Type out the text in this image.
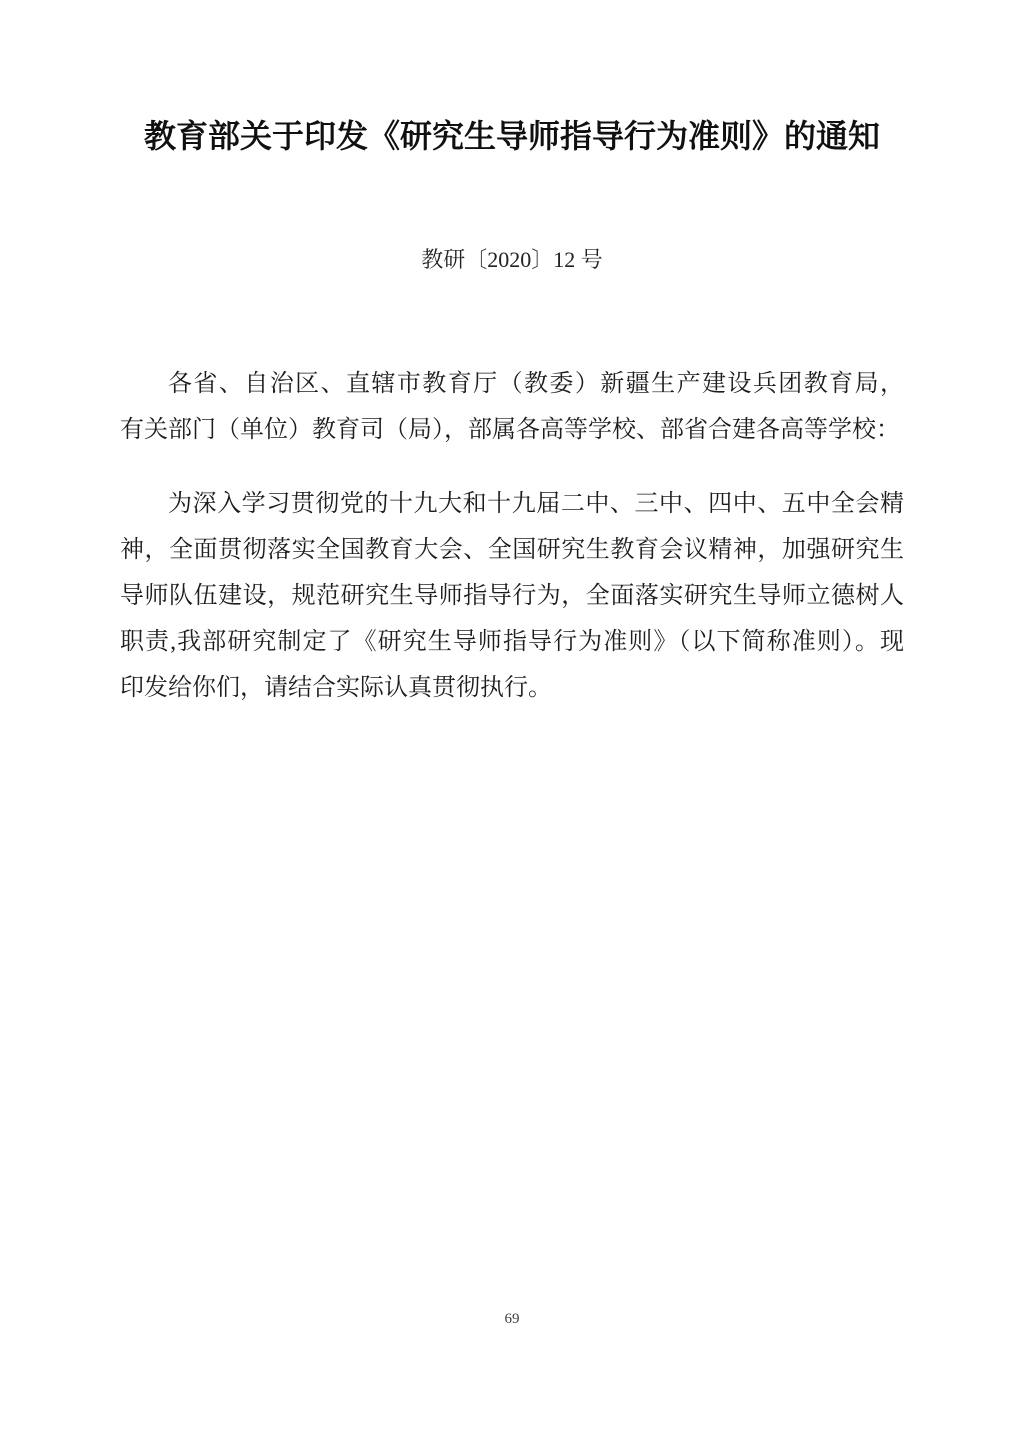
教育部关于印发《研究生导师指导行为准则》的通知
教研〔2020〕12 号
各省、自治区、直辖市教育厅（教委）新疆生产建设兵团教育局，
有关部门（单位）教育司（局），部属各高等学校、部省合建各高等学校：
为深入学习贯彻党的十九大和十九届二中、三中、四中、五中全会精
神，全面贯彻落实全国教育大会、全国研究生教育会议精神，加强研究生
导师队伍建设，规范研究生导师指导行为，全面落实研究生导师立德树人
职责,我部研究制定了《研究生导师指导行为准则》（以下简称准则）。现
印发给你们，请结合实际认真贯彻执行。
69
